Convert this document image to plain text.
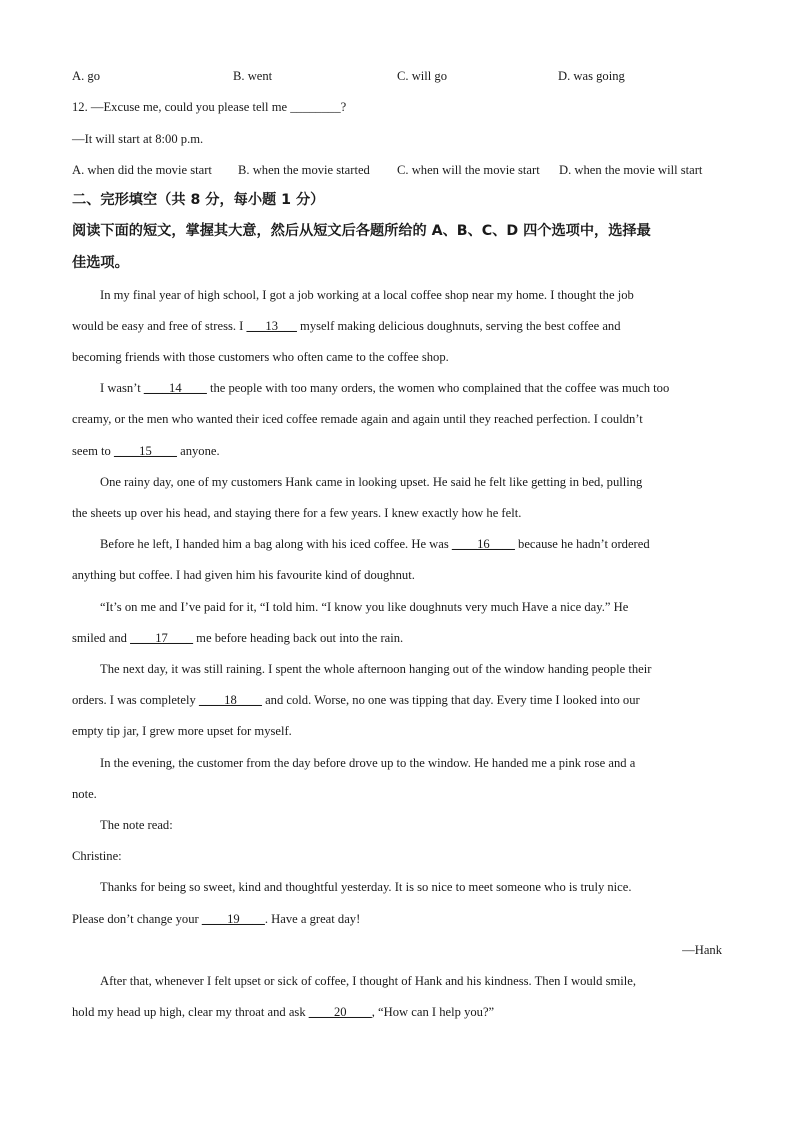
A. go	B. went	C. will go	D. was going
12. —Excuse me, could you please tell me ________?
—It will start at 8:00 p.m.
A. when did the movie start B. when the movie started C. when will the movie start D. when the movie will start
二、完形填空（共 8 分，每小题 1 分）
阅读下面的短文，掌握其大意，然后从短文后各题所给的 A、B、C、D 四个选项中，选择最
佳选项。
In my final year of high school, I got a job working at a local coffee shop near my home. I thought the job
would be easy and free of stress. I ___13___ myself making delicious doughnuts, serving the best coffee and
becoming friends with those customers who often came to the coffee shop.
I wasn’t ____14____ the people with too many orders, the women who complained that the coffee was much too
creamy, or the men who wanted their iced coffee remade again and again until they reached perfection. I couldn’t
seem to ____15____ anyone.
One rainy day, one of my customers Hank came in looking upset. He said he felt like getting in bed, pulling
the sheets up over his head, and staying there for a few years. I knew exactly how he felt.
Before he left, I handed him a bag along with his iced coffee. He was ____16____ because he hadn’t ordered
anything but coffee. I had given him his favourite kind of doughnut.
“It’s on me and I’ve paid for it, “I told him. “I know you like doughnuts very much Have a nice day.” He
smiled and ____17____ me before heading back out into the rain.
The next day, it was still raining. I spent the whole afternoon hanging out of the window handing people their
orders. I was completely ____18____ and cold. Worse, no one was tipping that day. Every time I looked into our
empty tip jar, I grew more upset for myself.
In the evening, the customer from the day before drove up to the window. He handed me a pink rose and a
note.
The note read:
Christine:
Thanks for being so sweet, kind and thoughtful yesterday. It is so nice to meet someone who is truly nice.
Please don’t change your ____19____. Have a great day!
—Hank
After that, whenever I felt upset or sick of coffee, I thought of Hank and his kindness. Then I would smile,
hold my head up high, clear my throat and ask ____20____, “How can I help you?”
